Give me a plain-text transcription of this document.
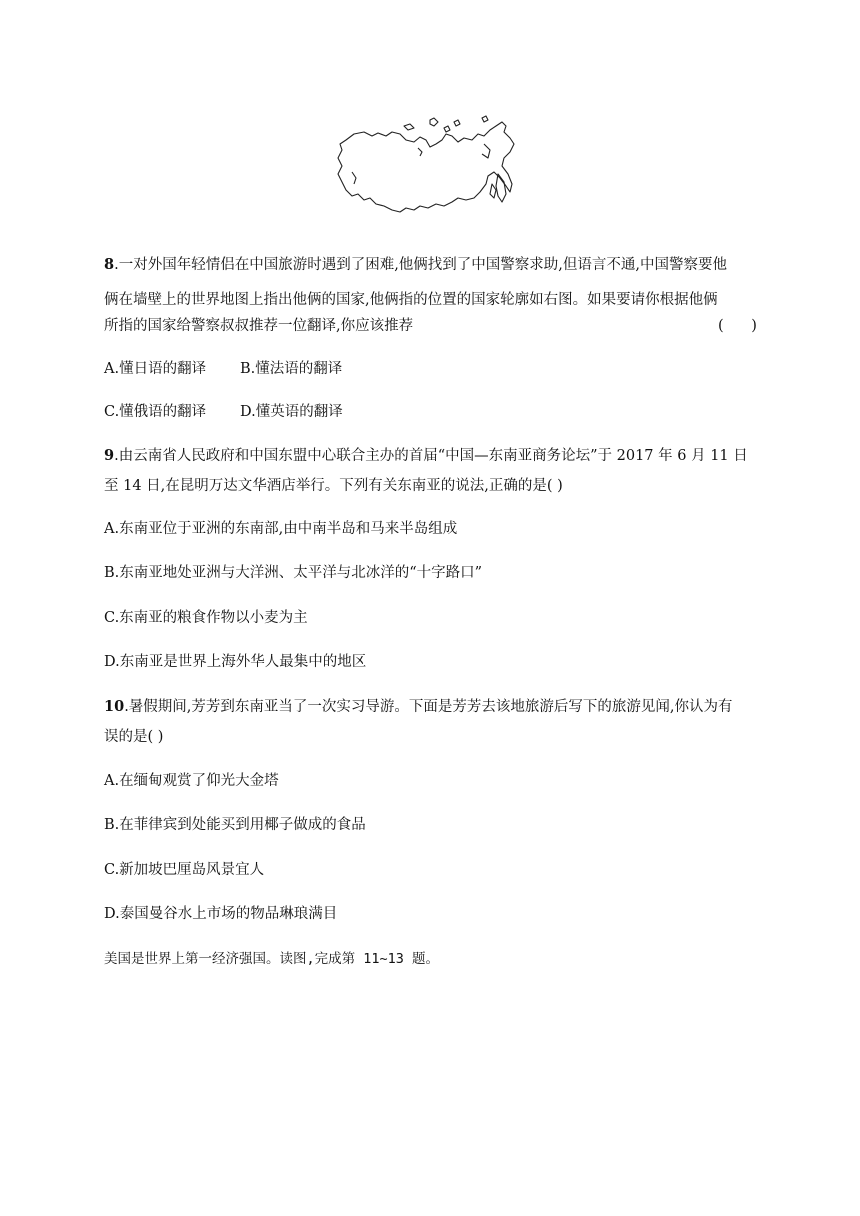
8.一对外国年轻情侣在中国旅游时遇到了困难,他俩找到了中国警察求助,但语言不通,中国警察要他
俩在墙壁上的世界地图上指出他俩的国家,他俩指的位置的国家轮廓如右图。如果要请你根据他俩
所指的国家给警察叔叔推荐一位翻译,你应该推荐	(      )
A.懂日语的翻译 B.懂法语的翻译
C.懂俄语的翻译 D.懂英语的翻译
9.由云南省人民政府和中国东盟中心联合主办的首届“中国—东南亚商务论坛”于 2017 年 6 月 11 日
至 14 日,在昆明万达文华酒店举行。下列有关东南亚的说法,正确的是( )
A.东南亚位于亚洲的东南部,由中南半岛和马来半岛组成
B.东南亚地处亚洲与大洋洲、太平洋与北冰洋的“十字路口”
C.东南亚的粮食作物以小麦为主
D.东南亚是世界上海外华人最集中的地区
10.暑假期间,芳芳到东南亚当了一次实习导游。下面是芳芳去该地旅游后写下的旅游见闻,你认为有
误的是( )
A.在缅甸观赏了仰光大金塔
B.在菲律宾到处能买到用椰子做成的食品
C.新加坡巴厘岛风景宜人
D.泰国曼谷水上市场的物品琳琅满目
美国是世界上第一经济强国。读图,完成第 11~13 题。
